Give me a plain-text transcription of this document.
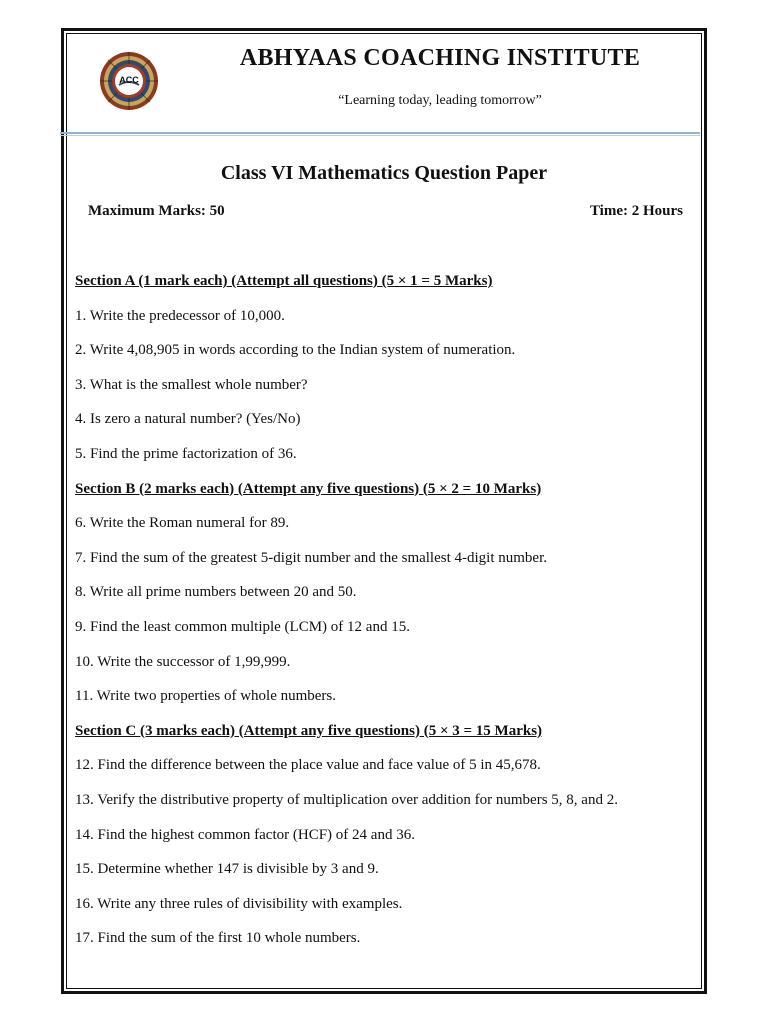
ACC
ABHYAAS COACHING INSTITUTE
“Learning today, leading tomorrow”
Class VI Mathematics Question Paper
Maximum Marks: 50	Time: 2 Hours
Section A (1 mark each) (Attempt all questions) (5 × 1 = 5 Marks)
1. Write the predecessor of 10,000.
2. Write 4,08,905 in words according to the Indian system of numeration.
3. What is the smallest whole number?
4. Is zero a natural number? (Yes/No)
5. Find the prime factorization of 36.
Section B (2 marks each) (Attempt any five questions) (5 × 2 = 10 Marks)
6. Write the Roman numeral for 89.
7. Find the sum of the greatest 5-digit number and the smallest 4-digit number.
8. Write all prime numbers between 20 and 50.
9. Find the least common multiple (LCM) of 12 and 15.
10. Write the successor of 1,99,999.
11. Write two properties of whole numbers.
Section C (3 marks each) (Attempt any five questions) (5 × 3 = 15 Marks)
12. Find the difference between the place value and face value of 5 in 45,678.
13. Verify the distributive property of multiplication over addition for numbers 5, 8, and 2.
14. Find the highest common factor (HCF) of 24 and 36.
15. Determine whether 147 is divisible by 3 and 9.
16. Write any three rules of divisibility with examples.
17. Find the sum of the first 10 whole numbers.
